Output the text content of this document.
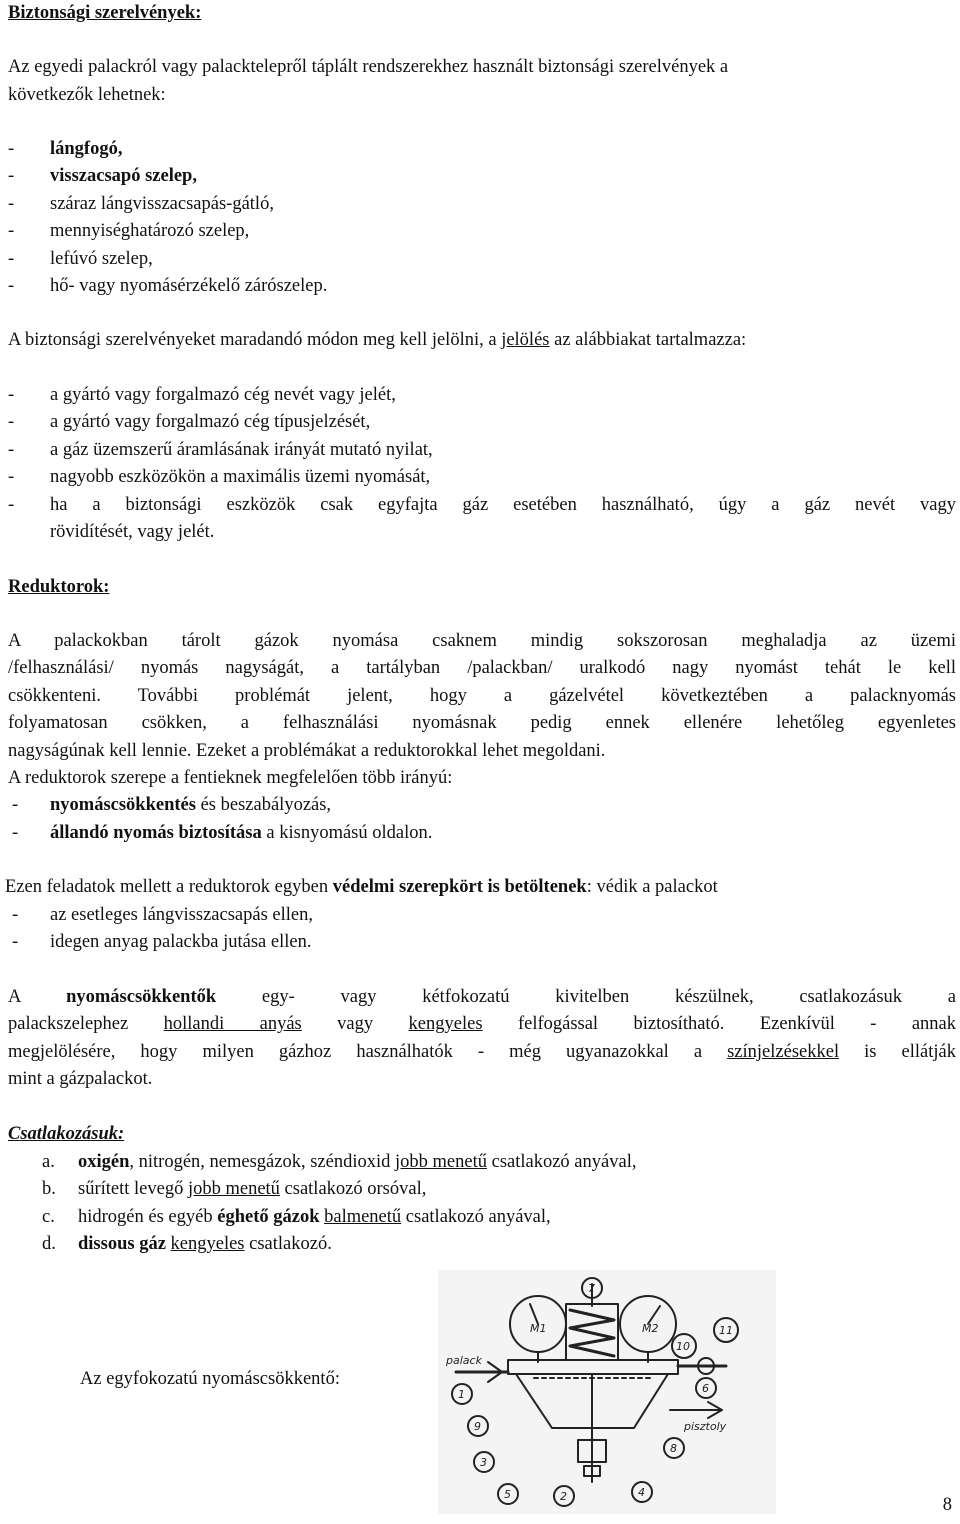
Biztonsági szerelvények:
Az egyedi palackról vagy palacktelepről táplált rendszerekhez használt biztonsági szerelvények a
következők lehetnek:
- lángfogó,
- visszacsapó szelep,
- száraz lángvisszacsapás-gátló,
- mennyiséghatározó szelep,
- lefúvó szelep,
- hő- vagy nyomásérzékelő zárószelep.
A biztonsági szerelvényeket maradandó módon meg kell jelölni, a jelölés az alábbiakat tartalmazza:
- a gyártó vagy forgalmazó cég nevét vagy jelét,
- a gyártó vagy forgalmazó cég típusjelzését,
- a gáz üzemszerű áramlásának irányát mutató nyilat,
- nagyobb eszközökön a maximális üzemi nyomását,
- ha a biztonsági eszközök csak egyfajta gáz esetében használható, úgy a gáz nevét vagy
rövidítését, vagy jelét.
Reduktorok:
A palackokban tárolt gázok nyomása csaknem mindig sokszorosan meghaladja az üzemi
/felhasználási/ nyomás nagyságát, a tartályban /palackban/ uralkodó nagy nyomást tehát le kell
csökkenteni. További problémát jelent, hogy a gázelvétel következtében a palacknyomás
folyamatosan csökken, a felhasználási nyomásnak pedig ennek ellenére lehetőleg egyenletes
nagyságúnak kell lennie. Ezeket a problémákat a reduktorokkal lehet megoldani.
A reduktorok szerepe a fentieknek megfelelően több irányú:
- nyomáscsökkentés és beszabályozás,
- állandó nyomás biztosítása a kisnyomású oldalon.
Ezen feladatok mellett a reduktorok egyben védelmi szerepkört is betöltenek: védik a palackot
- az esetleges lángvisszacsapás ellen,
- idegen anyag palackba jutása ellen.
A nyomáscsökkentők egy- vagy kétfokozatú kivitelben készülnek, csatlakozásuk a
palackszelephez hollandi anyás vagy kengyeles felfogással biztosítható. Ezenkívül - annak
megjelölésére, hogy milyen gázhoz használhatók - még ugyanazokkal a színjelzésekkel is ellátják
mint a gázpalackot.
Csatlakozásuk:
a. oxigén, nitrogén, nemesgázok, széndioxid jobb menetű csatlakozó anyával,
b. sűrített levegő jobb menetű csatlakozó orsóval,
c. hidrogén és egyéb éghető gázok balmenetű csatlakozó anyával,
d. dissous gáz kengyeles csatlakozó.
Az egyfokozatú nyomáscsökkentő:
palack
pisztoly
M1	M2
7
10
1
9
3
5	4
6
11
8
2	8
